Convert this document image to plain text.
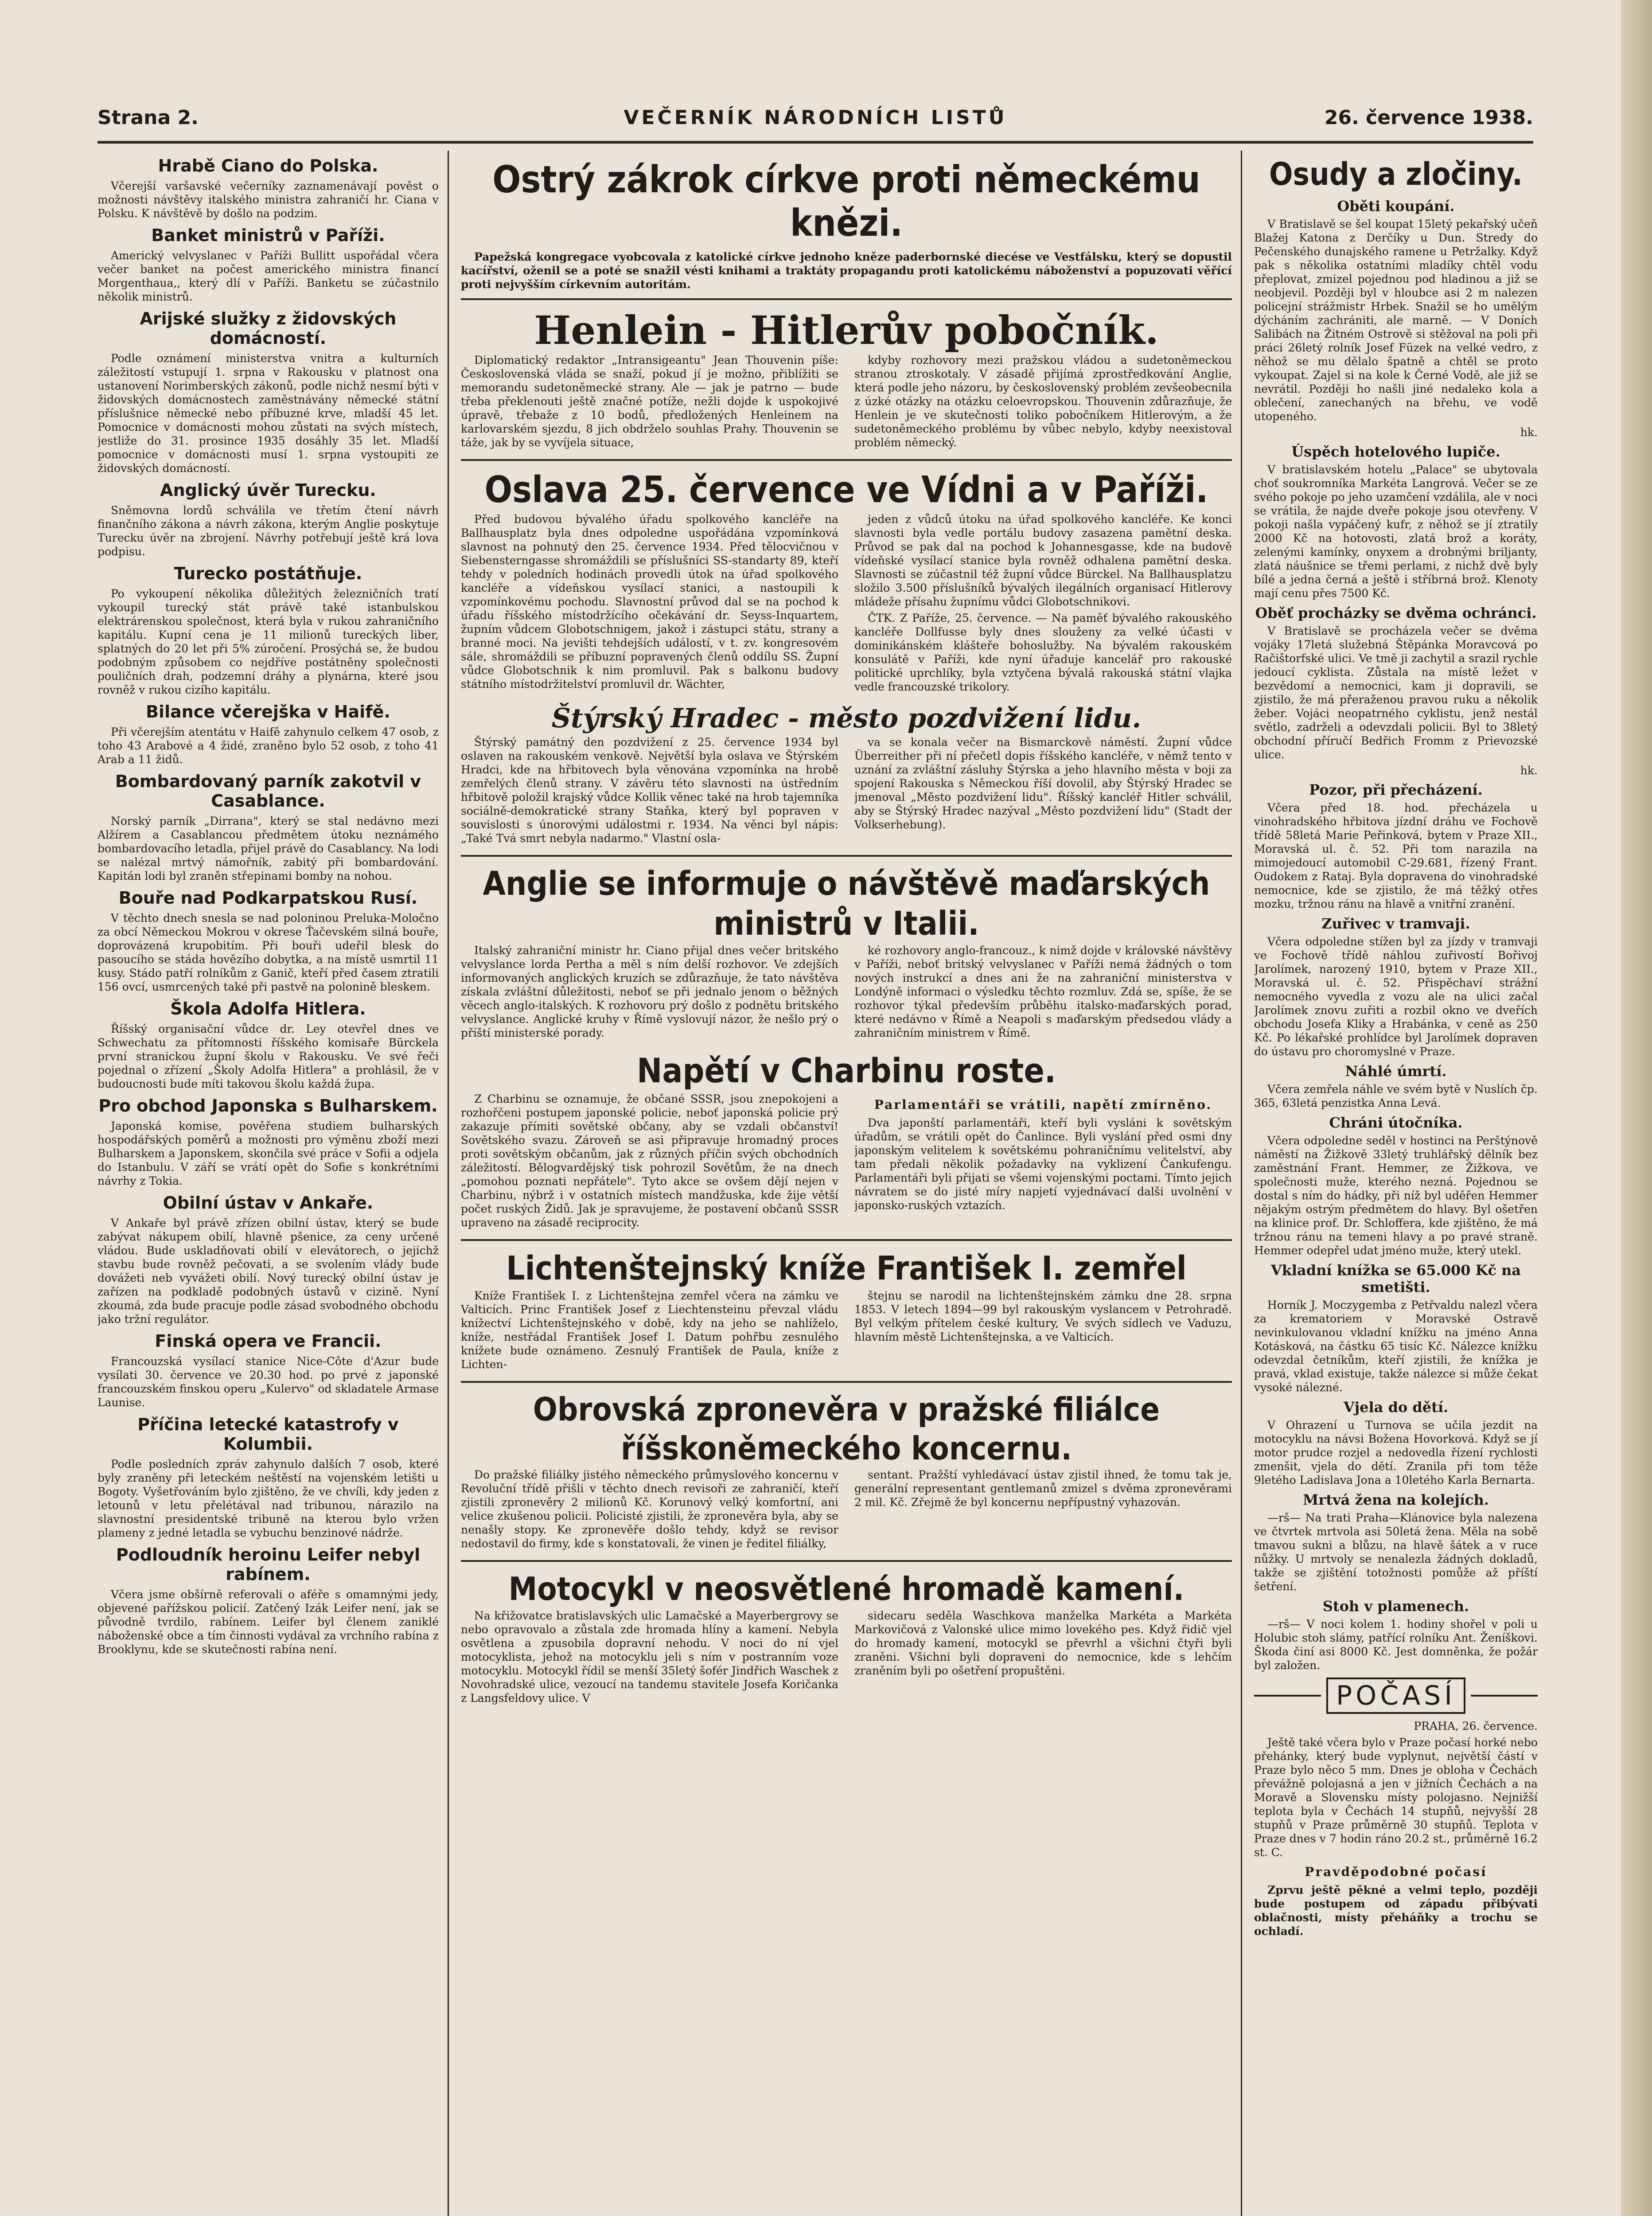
Strana 2.	VEČERNÍK NÁRODNÍCH LISTŮ	26. července 1938.
Hrabě Ciano do Polska.

Včerejší varšavské večerníky zaznamenávají pověst o možnosti návštěvy italského ministra zahraničí hr. Ciana v Polsku. K návštěvě by došlo na podzim.

Banket ministrů v Paříži.

Americký velvyslanec v Paříži Bullitt uspořádal včera večer banket na počest amerického ministra financí Morgenthaua,, který dlí v Paříži. Banketu se zúčastnilo několik ministrů.

Arijské služky z židovských domácností.

Podle oznámení ministerstva vnitra a kulturních záležitostí vstupují 1. srpna v Rakousku v platnost ona ustanovení Norimberských zákonů, podle nichž nesmí býti v židovských domácnostech zaměstnávány německé státní příslušnice německé nebo příbuzné krve, mladší 45 let. Pomocnice v domácnosti mohou zůstati na svých místech, jestliže do 31. prosince 1935 dosáhly 35 let. Mladší pomocnice v domácnosti musí 1. srpna vystoupiti ze židovských domácností.

Anglický úvěr Turecku.

Sněmovna lordů schválila ve třetím čtení návrh finančního zákona a návrh zákona, kterým Anglie poskytuje Turecku úvěr na zbrojení. Návrhy potřebují ještě krá lova podpisu.

Turecko postátňuje.

Po vykoupení několika důležitých železničních tratí vykoupil turecký stát právě také istanbulskou elektrárenskou společnost, která byla v rukou zahraničního kapitálu. Kupní cena je 11 milionů tureckých liber, splatných do 20 let při 5% zúročení. Prosýchá se, že budou podobným způsobem co nejdříve postátněny společnosti pouličních drah, podzemní dráhy a plynárna, které jsou rovněž v rukou cizího kapitálu.

Bilance včerejška v Haifě.

Při včerejším atentátu v Haifě zahynulo celkem 47 osob, z toho 43 Arabové a 4 židé, zraněno bylo 52 osob, z toho 41 Arab a 11 židů.

Bombardovaný parník zakotvil v Casablance.

Norský parník „Dirrana", který se stal nedávno mezi Alžírem a Casablancou předmětem útoku neznámého bombardovacího letadla, přijel právě do Casablancy. Na lodi se nalézal mrtvý námořník, zabitý při bombardování. Kapitán lodi byl zraněn střepinami bomby na nohou.

Bouře nad Podkarpatskou Rusí.

V těchto dnech snesla se nad poloninou Preluka-Moločno za obcí Německou Mokrou v okrese Ťačevském silná bouře, doprovázená krupobitím. Při bouři udeřil blesk do pasoucího se stáda hovězího dobytka, a na místě usmrtil 11 kusy. Stádo patří rolníkům z Ganič, kteří před časem ztratili 156 ovcí, usmrcených také při pastvě na polonině bleskem.

Škola Adolfa Hitlera.

Říšský organisační vůdce dr. Ley otevřel dnes ve Schwechatu za přítomnosti říšského komisaře Bürckela první stranickou župní školu v Rakousku. Ve své řeči pojednal o zřízení „Školy Adolfa Hitlera" a prohlásil, že v budoucnosti bude míti takovou školu každá župa.

Pro obchod Japonska s Bulharskem.

Japonská komise, pověřena studiem bulharských hospodářských poměrů a možnosti pro výměnu zboží mezi Bulharskem a Japonskem, skončila své práce v Sofii a odjela do Istanbulu. V září se vrátí opět do Sofie s konkrétními návrhy z Tokia.

Obilní ústav v Ankaře.

V Ankaře byl právě zřízen obilní ústav, který se bude zabývat nákupem obilí, hlavně pšenice, za ceny určené vládou. Bude uskladňovati obilí v elevátorech, o jejichž stavbu bude rovněž pečovati, a se svolením vlády bude dovážeti neb vyvážeti obilí. Nový turecký obilní ústav je zařízen na podkladě podobných ústavů v cizině. Nyní zkoumá, zda bude pracuje podle zásad svobodného obchodu jako tržní regulátor.

Finská opera ve Francii.

Francouzská vysílací stanice Nice-Côte d'Azur bude vysílati 30. července ve 20.30 hod. po prvé z japonské francouzském finskou operu „Kulervo" od skladatele Armase Launise.

Příčina letecké katastrofy v Kolumbii.

Podle posledních zpráv zahynulo dalších 7 osob, které byly zraněny při leteckém neštěstí na vojenském letišti u Bogoty. Vyšetřováním bylo zjištěno, že ve chvíli, kdy jeden z letounů v letu přelétával nad tribunou, nárazilo na slavnostní presidentské tribuně na kterou bylo vržen plameny z jedné letadla se vybuchu benzinové nádrže.

Podloudník heroinu Leifer nebyl rabínem.

Včera jsme obšírně referovali o aféře s omamnými jedy, objevené pařížskou policií. Zatčený Izák Leifer není, jak se původně tvrdilo, rabínem. Leifer byl členem zaniklé náboženské obce a tím činnosti vydával za vrchního rabína z Brooklynu, kde se skutečnosti rabína není.

Ostrý zákrok církve proti německému knězi.

Papežská kongregace vyobcovala z katolické církve jednoho kněze paderbornské diecése ve Vestfálsku, který se dopustil kacířství, oženil se a poté se snažil vésti knihami a traktáty propagandu proti katolickému náboženství a popuzovati věřící proti nejvyšším církevním autoritám.

Henlein - Hitlerův pobočník.

Diplomatický redaktor „Intransigeantu" Jean Thouvenin píše: Československá vláda se snaží, pokud jí je možno, přiblížiti se memorandu sudetoněmecké strany. Ale — jak je patrno — bude třeba překlenouti ještě značné potíže, nežli dojde k uspokojivé úpravě, třebaže z 10 bodů, předložených Henleinem na karlovarském sjezdu, 8 jich obdrželo souhlas Prahy. Thouvenin se táže, jak by se vyvíjela situace,

kdyby rozhovory mezi pražskou vládou a sudetoněmeckou stranou ztroskotaly. V zásadě přijímá zprostředkování Anglie, která podle jeho názoru, by československý problém zevšeobecnila z úzké otázky na otázku celoevropskou. Thouvenin zdůrazňuje, že Henlein je ve skutečnosti toliko pobočníkem Hitlerovým, a že sudetoněmeckého problému by vůbec nebylo, kdyby neexistoval problém německý.

Oslava 25. července ve Vídni a v Paříži.

Před budovou bývalého úřadu spolkového kancléře na Ballhausplatz byla dnes odpoledne uspořádána vzpomínková slavnost na pohnutý den 25. července 1934. Před tělocvičnou v Siebensterngasse shromáždili se příslušníci SS-standarty 89, kteří tehdy v poledních hodinách provedli útok na úřad spolkového kancléře a vídeňskou vysílací stanici, a nastoupili k vzpomínkovému pochodu. Slavnostní průvod dal se na pochod k úřadu říšského místodržícího očekávání dr. Seyss-Inquartem, župním vůdcem Globotschnigem, jakož i zástupci státu, strany a branné moci. Na jevišti tehdejších událostí, v t. zv. kongresovém sále, shromáždili se příbuzní popravených členů oddílu SS. Župní vůdce Globotschnik k nim promluvil. Pak s balkonu budovy státního místodržitelství promluvil dr. Wächter,

jeden z vůdců útoku na úřad spolkového kancléře. Ke konci slavnosti byla vedle portálu budovy zasazena pamětní deska. Průvod se pak dal na pochod k Johannesgasse, kde na budově vídeňské vysílací stanice byla rovněž odhalena pamětní deska. Slavnosti se zúčastnil též župní vůdce Bürckel. Na Ballhausplatzu složilo 3.500 příslušníků bývalých ilegálních organisací Hitlerovy mládeže přísahu župnímu vůdci Globotschnikovi.

ČTK. Z Paříže, 25. července. — Na paměť bývalého rakouského kancléře Dollfusse byly dnes slouženy za velké účasti v dominikánském klášteře bohoslužby. Na bývalém rakouském konsulátě v Paříži, kde nyní úřaduje kancelář pro rakouské politické uprchlíky, byla vztyčena bývalá rakouská státní vlajka vedle francouzské trikolory.

Štýrský Hradec - město pozdvižení lidu.

Štýrský památný den pozdvižení z 25. července 1934 byl oslaven na rakouském venkově. Největší byla oslava ve Štýrském Hradci, kde na hřbitovech byla věnována vzpomínka na hrobě zemřelých členů strany. V závěru této slavnosti na ústředním hřbitově položil krajský vůdce Kollik věnec také na hrob tajemníka sociálně-demokratické strany Staňka, který byl popraven v souvislosti s únorovými událostmi r. 1934. Na věnci byl nápis: „Také Tvá smrt nebyla nadarmo." Vlastní osla-

va se konala večer na Bismarckově náměstí. Župní vůdce Überreither při ní přečetl dopis říšského kancléře, v němž tento v uznání za zvláštní zásluhy Štýrska a jeho hlavního města v boji za spojení Rakouska s Německou říší dovolil, aby Štýrský Hradec se jmenoval „Město pozdvižení lidu". Říšský kancléř Hitler schválil, aby se Štýrský Hradec nazýval „Město pozdvižení lidu" (Stadt der Volkserhebung).

Anglie se informuje o návštěvě maďarských ministrů v Italii.

Italský zahraniční ministr hr. Ciano přijal dnes večer britského velvyslance lorda Pertha a měl s ním delší rozhovor. Ve zdejších informovaných anglických kruzích se zdůrazňuje, že tato návštěva získala zvláštní důležitosti, neboť se při jednalo jenom o běžných věcech anglo-italských. K rozhovoru prý došlo z podnětu britského velvyslance. Anglické kruhy v Římě vyslovují názor, že nešlo prý o příští ministerské porady.

ké rozhovory anglo-francouz., k nimž dojde v královské návštěvy v Paříži, neboť britský velvyslanec v Paříži nemá žádných o tom nových instrukcí a dnes ani že na zahraniční ministerstva v Londýně informaci o výsledku těchto rozmluv. Zdá se, spíše, že se rozhovor týkal především průběhu italsko-maďarských porad, které nedávno v Římě a Neapoli s maďarským předsedou vlády a zahraničním ministrem v Římě.

Napětí v Charbinu roste.

Z Charbinu se oznamuje, že občané SSSR, jsou znepokojeni a rozhořčeni postupem japonské policie, neboť japonská policie prý zakazuje přímiti sovětské občany, aby se vzdali občanství! Sovětského svazu. Zároveň se asi připravuje hromadný proces proti sovětským občanům, jak z různých příčin svých obchodních záležitostí. Bělogvardějský tisk pohrozil Sovětům, že na dnech „pomohou poznati nepřátele". Tyto akce se ovšem dějí nejen v Charbinu, nýbrž i v ostatních místech mandžuska, kde žije větší počet ruských Židů. Jak je spravujeme, že postavení občanů SSSR upraveno na zásadě reciprocity.

Parlamentáři se vrátili, napětí zmírněno.

Dva japonští parlamentáři, kteří byli vysláni k sovětským úřadům, se vrátili opět do Čanlince. Byli vyslání před osmi dny japonským velitelem k sovětskému pohraničnímu velitelství, aby tam předali několik požadavky na vyklizení Čankufengu. Parlamentáři byli přijati se všemi vojenskými poctami. Tímto jejich návratem se do jisté míry napjetí vyjednávací dalši uvolnění v japonsko-ruských vztazích.

Lichtenštejnský kníže František I. zemřel

Kníže František I. z Lichtenštejna zemřel včera na zámku ve Valticích. Princ František Josef z Liechtensteinu převzal vládu knížectví Lichtenštejnského v době, kdy na jeho se nahlíželo, kníže, nestřádal František Josef I. Datum pohřbu zesnulého knížete bude oznámeno. Zesnulý František de Paula, kníže z Lichten-

štejnu se narodil na lichtenštejnském zámku dne 28. srpna 1853. V letech 1894—99 byl rakouským vyslancem v Petrohradě. Byl velkým přítelem české kultury, Ve svých sídlech ve Vaduzu, hlavním městě Lichtenštejnska, a ve Valticích.

Obrovská zpronevěra v pražské filiálce říšskoněmeckého koncernu.

Do pražské filiálky jistého německého průmyslového koncernu v Revoluční třídě přišli v těchto dnech revisoři ze zahraničí, kteří zjistili zpronevěry 2 milionů Kč. Korunový velký komfortní, ani velice zkušenou policii. Policisté zjistili, že zpronevěra byla, aby se nenašly stopy. Ke zpronevěře došlo tehdy, když se revisor nedostavil do firmy, kde s konstatovali, že vinen je ředitel filiálky,

sentant. Pražští vyhledávací ústav zjistil ihned, že tomu tak je, generální representant gentlemanů zmizel s dvěma zpronevěrami 2 mil. Kč. Zřejmě že byl koncernu nepřípustný vyhazován.

Motocykl v neosvětlené hromadě kamení.

Na křižovatce bratislavských ulic Lamačské a Mayerbergrovy se nebo opravovalo a zůstala zde hromada hlíny a kamení. Nebyla osvětlena a zpusobila dopravní nehodu. V noci do ní vjel motocyklista, jehož na motocyklu jeli s ním v postranním voze motocyklu. Motocykl řídil se menší 35letý šofér Jindřich Waschek z Novohradské ulice, vezoucí na tandemu stavitele Josefa Koričanka z Langsfeldovy ulice. V

sidecaru seděla Waschkova manželka Markéta a Markéta Markovičová z Valonské ulice mimo lovekého pes. Když řidič vjel do hromady kamení, motocykl se převrhl a všichni čtyři byli zraněni. Všichni byli dopraveni do nemocnice, kde s lehčím zraněním byli po ošetření propuštěni.

Osudy a zločiny.
Oběti koupání.

V Bratislavě se šel koupat 15letý pekařský učeň Blažej Katona z Derčíky u Dun. Stredy do Pečenského dunajského ramene u Petržalky. Když pak s několika ostatními mladíky chtěl vodu přeplovat, zmizel pojednou pod hladinou a již se neobjevil. Později byl v hloubce asi 2 m nalezen policejní strážmistr Hrbek. Snažil se ho umělým dýcháním zachrániti, ale marně. — V Doních Salibách na Žitném Ostrově si stěžoval na poli při práci 26letý rolník Josef Füzek na velké vedro, z něhož se mu dělalo špatně a chtěl se proto vykoupat. Zajel si na kole k Černé Vodě, ale již se nevrátil. Později ho našli jiné nedaleko kola a oblečení, zanechaných na břehu, ve vodě utopeného.

hk.
Úspěch hotelového lupiče.

V bratislavském hotelu „Palace" se ubytovala choť soukromníka Markéta Langrová. Večer se ze svého pokoje po jeho uzamčení vzdálila, ale v noci se vrátila, že najde dveře pokoje jsou otevřeny. V pokoji našla vypáčený kufr, z něhož se jí ztratily 2000 Kč na hotovosti, zlatá brož a koráty, zelenými kamínky, onyxem a drobnými briljanty, zlatá náušnice se třemi perlami, z nichž dvě byly bílé a jedna černá a ještě i stříbrná brož. Klenoty mají cenu přes 7500 Kč.

Oběť procházky se dvěma ochránci.

V Bratislavě se procházela večer se dvěma vojáky 17letá služebná Štěpánka Moravcová po Račištorfské ulici. Ve tmě ji zachytil a srazil rychle jedoucí cyklista. Zůstala na místě ležet v bezvědomí a nemocnici, kam ji dopravili, se zjistilo, že má přeraženou pravou ruku a několik žeber. Vojáci neopatrného cyklistu, jenž nestál světlo, zadrželi a odevzdali policii. Byl to 38letý obchodní příručí Bedřich Fromm z Prievozské ulice.

hk.
Pozor, při přecházení.

Včera před 18. hod. přecházela u vinohradského hřbitova jízdní dráhu ve Fochově třídě 58letá Marie Peřinková, bytem v Praze XII., Moravská ul. č. 52. Při tom narazila na mimojedoucí automobil C-29.681, řízený Frant. Oudokem z Rataj. Byla dopravena do vinohradské nemocnice, kde se zjistilo, že má těžký otřes mozku, tržnou ránu na hlavě a vnitřní zranění.

Zuřivec v tramvaji.

Včera odpoledne stížen byl za jízdy v tramvaji ve Fochově třídě náhlou zuřivostí Bořivoj Jarolímek, narozený 1910, bytem v Praze XII., Moravská ul. č. 52. Přispěchaví strážní nemocného vyvedla z vozu ale na ulici začal Jarolímek znovu zuřiti a rozbil okno ve dveřích obchodu Josefa Kliky a Hrabánka, v ceně as 250 Kč. Po lékařské prohlídce byl Jarolímek dopraven do ústavu pro choromyslné v Praze.

Náhlé úmrtí.

Včera zemřela náhle ve svém bytě v Nuslích čp. 365, 63letá penzistka Anna Levá.

Chráni útočníka.

Včera odpoledne seděl v hostinci na Perštýnově náměstí na Žižkově 33letý truhlářský dělník bez zaměstnání Frant. Hemmer, ze Žižkova, ve společnosti muže, kterého nezná. Pojednou se dostal s ním do hádky, při níž byl uděřen Hemmer nějakým ostrým předmětem do hlavy. Byl ošetřen na klinice prof. Dr. Schloffera, kde zjištěno, že má tržnou ránu na temeni hlavy a po pravé straně. Hemmer odepřel udat jméno muže, který utekl.

Vkladní knížka se 65.000 Kč na smetišti.

Horník J. Moczygemba z Petřvaldu nalezl včera za krematoriem v Moravské Ostravě nevinkulovanou vkladní knížku na jméno Anna Kotásková, na částku 65 tisíc Kč. Nálezce knížku odevzdal četníkům, kteří zjistili, že knížka je pravá, vklad existuje, takže nálezce si může čekat vysoké nálezné.

Vjela do dětí.

V Ohrazení u Turnova se učila jezdit na motocyklu na návsi Božena Hovorková. Když se jí motor prudce rozjel a nedovedla řízení rychlosti zmenšit, vjela do dětí. Zranila při tom těže 9letého Ladislava Jona a 10letého Karla Bernarta.

Mrtvá žena na kolejích.

—rš— Na trati Praha—Klánovice byla nalezena ve čtvrtek mrtvola asi 50letá žena. Měla na sobě tmavou sukni a blůzu, na hlavě šátek a v ruce nůžky. U mrtvoly se nenalezla žádných dokladů, takže se zjištění totožnosti pomůže až příští šetření.

Stoh v plamenech.

—rš— V noci kolem 1. hodiny shořel v poli u Holubic stoh slámy, patřící rolníku Ant. Ženíškovi. Škoda činí asi 8000 Kč. Jest domněnka, že požár byl založen.

POČASÍ

PRAHA, 26. července.

Ještě také včera bylo v Praze počasí horké nebo přehánky, který bude vyplynut, největší částí v Praze bylo něco 5 mm. Dnes je obloha v Čechách převážně polojasná a jen v jižních Čechách a na Moravě a Slovensku místy polojasno. Nejnižší teplota byla v Čechách 14 stupňů, nejvyšší 28 stupňů v Praze průměrně 30 stupňů. Teplota v Praze dnes v 7 hodin ráno 20.2 st., průměrně 16.2 st. C.

Pravděpodobné počasí

Zprvu ještě pěkné a velmi teplo, později bude postupem od západu přibývati oblačnosti, místy přeháňky a trochu se ochladí.
